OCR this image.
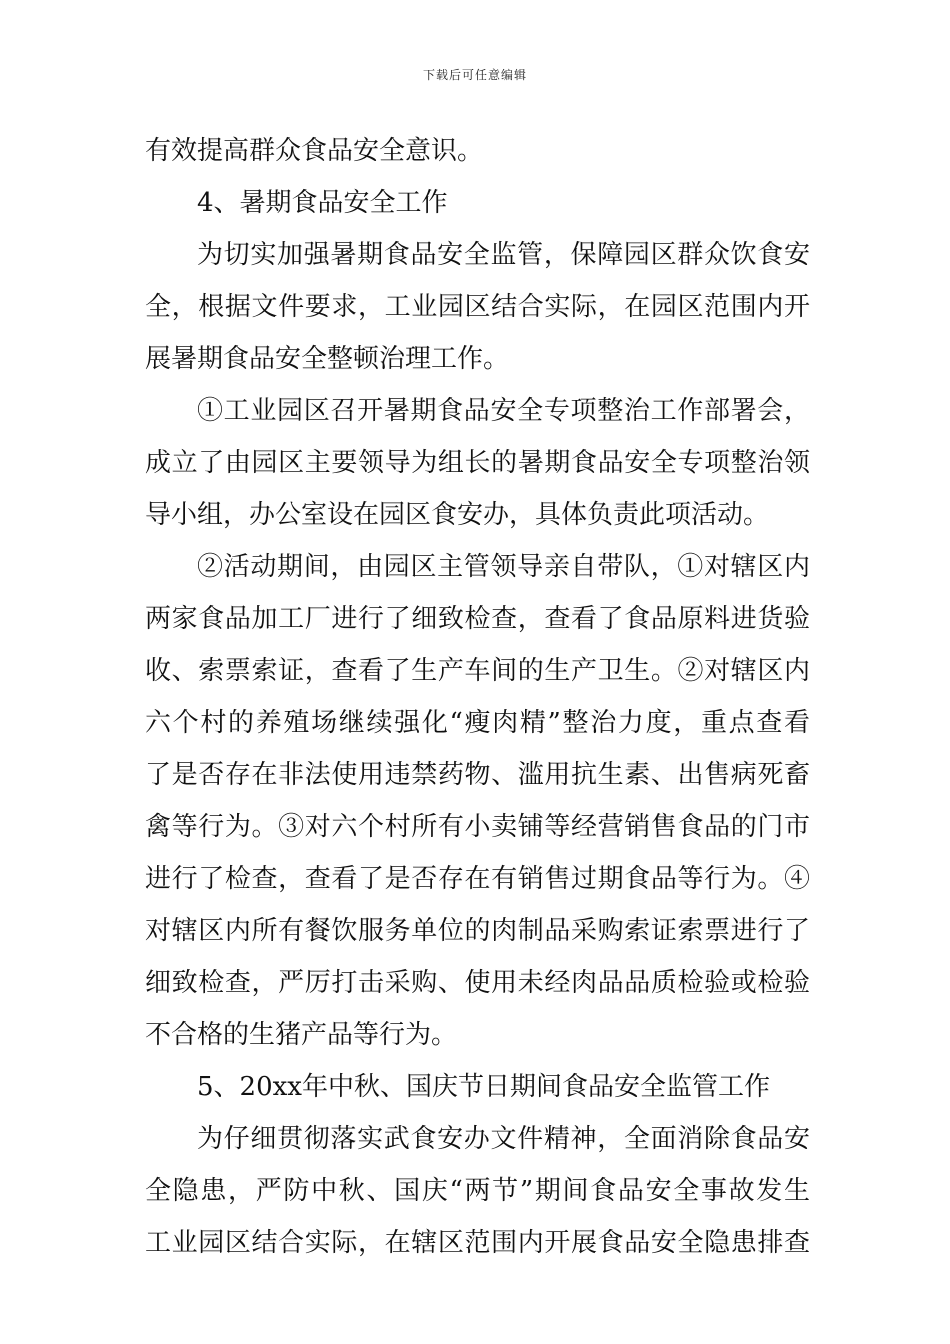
下载后可任意编辑
有效提高群众食品安全意识。
4、暑期食品安全工作
为切实加强暑期食品安全监管，保障园区群众饮食安
全，根据文件要求，工业园区结合实际，在园区范围内开
展暑期食品安全整顿治理工作。
①工业园区召开暑期食品安全专项整治工作部署会，
成立了由园区主要领导为组长的暑期食品安全专项整治领
导小组，办公室设在园区食安办，具体负责此项活动。
②活动期间，由园区主管领导亲自带队，①对辖区内
两家食品加工厂进行了细致检查，查看了食品原料进货验
收、索票索证，查看了生产车间的生产卫生。②对辖区内
六个村的养殖场继续强化“瘦肉精”整治力度，重点查看
了是否存在非法使用违禁药物、滥用抗生素、出售病死畜
禽等行为。③对六个村所有小卖铺等经营销售食品的门市
进行了检查，查看了是否存在有销售过期食品等行为。④
对辖区内所有餐饮服务单位的肉制品采购索证索票进行了
细致检查，严厉打击采购、使用未经肉品品质检验或检验
不合格的生猪产品等行为。
5、20xx年中秋、国庆节日期间食品安全监管工作
为仔细贯彻落实武食安办文件精神，全面消除食品安
全隐患，严防中秋、国庆“两节”期间食品安全事故发生
工业园区结合实际，在辖区范围内开展食品安全隐患排查
